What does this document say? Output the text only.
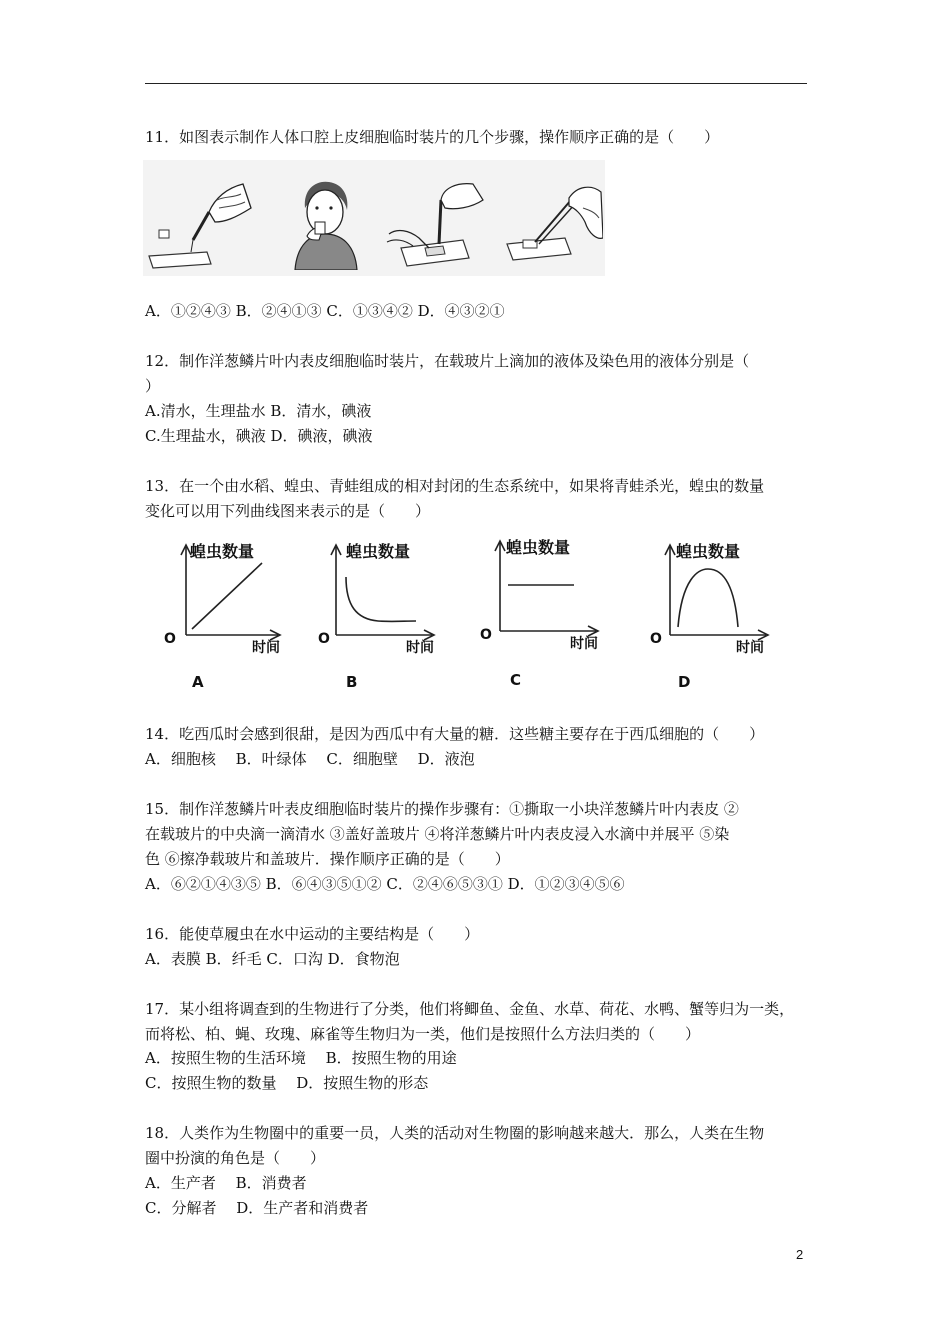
11．如图表示制作人体口腔上皮细胞临时装片的几个步骤，操作顺序正确的是（　　）
A．①②④③ B．②④①③ C．①③④② D．④③②①
12．制作洋葱鳞片叶内表皮细胞临时装片，在载玻片上滴加的液体及染色用的液体分别是（
）
A.清水，生理盐水 B．清水，碘液
C.生理盐水，碘液 D．碘液，碘液
13．在一个由水稻、蝗虫、青蛙组成的相对封闭的生态系统中，如果将青蛙杀光，蝗虫的数量
变化可以用下列曲线图来表示的是（　　）
蝗虫数量
O
时间
A
蝗虫数量
O
时间
B
蝗虫数量
O
时间
C
蝗虫数量
O
时间
D
14．吃西瓜时会感到很甜，是因为西瓜中有大量的糖．这些糖主要存在于西瓜细胞的（　　）
A．细胞核　 B．叶绿体　 C．细胞壁　 D．液泡
15．制作洋葱鳞片叶表皮细胞临时装片的操作步骤有：①撕取一小块洋葱鳞片叶内表皮 ②
在载玻片的中央滴一滴清水 ③盖好盖玻片 ④将洋葱鳞片叶内表皮浸入水滴中并展平 ⑤染
色 ⑥擦净载玻片和盖玻片．操作顺序正确的是（　　）
A．⑥②①④③⑤ B．⑥④③⑤①② C．②④⑥⑤③① D．①②③④⑤⑥
16．能使草履虫在水中运动的主要结构是（　　）
A．表膜 B．纤毛 C．口沟 D．食物泡
17．某小组将调查到的生物进行了分类，他们将鲫鱼、金鱼、水草、荷花、水鸭、蟹等归为一类，
而将松、柏、蝇、玫瑰、麻雀等生物归为一类，他们是按照什么方法归类的（　　）
A．按照生物的生活环境　 B．按照生物的用途
C．按照生物的数量　 D．按照生物的形态
18．人类作为生物圈中的重要一员，人类的活动对生物圈的影响越来越大．那么，人类在生物
圈中扮演的角色是（　　）
A．生产者　 B．消费者
C．分解者　 D．生产者和消费者
2
